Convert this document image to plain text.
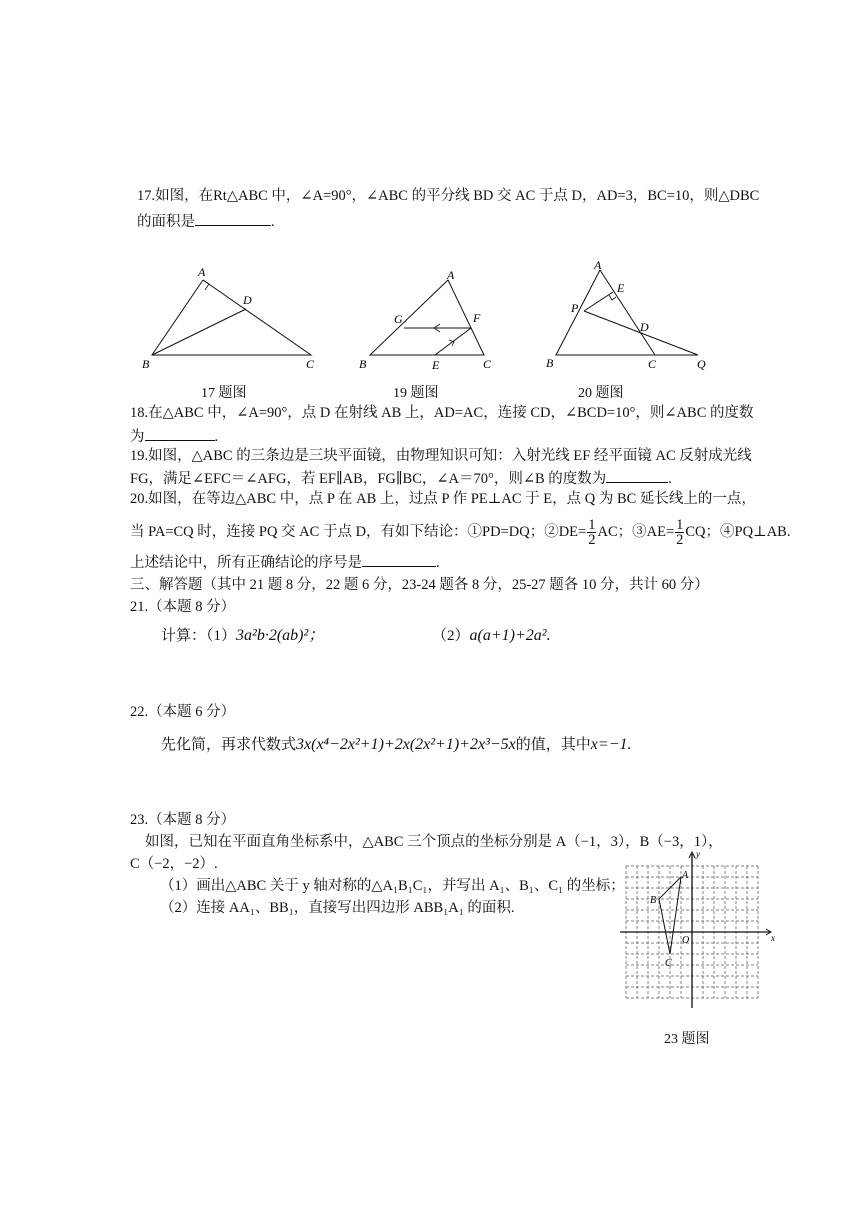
17.如图，在Rt△ABC 中，∠A=90°，∠ABC 的平分线 BD 交 AC 于点 D，AD=3，BC=10，则△DBC
的面积是	.
A
B	C
D
17 题图
A
B	C
G	F
E
19 题图
A
B	C
P
E
D
Q
20 题图
18.在△ABC 中，∠A=90°，点 D 在射线 AB 上，AD=AC，连接 CD，∠BCD=10°，则∠ABC 的度数
为	.
19.如图，△ABC 的三条边是三块平面镜，由物理知识可知：入射光线 EF 经平面镜 AC 反射成光线
FG，满足∠EFC＝∠AFG，若 EF∥AB，FG∥BC，∠A＝70°，则∠B 的度数为	.
20.如图，在等边△ABC 中，点 P 在 AB 上，过点 P 作 PE⊥AC 于 E，点 Q 为 BC 延长线上的一点，
当 PA=CQ 时，连接 PQ 交 AC 于点 D，有如下结论：①PD=DQ；②DE= $\frac{1}{2}$ AC；③AE= $\frac{1}{2}$ CQ；④PQ⊥AB.
上述结论中，所有正确结论的序号是	.
三、解答题（其中 21 题 8 分，22 题 6 分，23-24 题各 8 分，25-27 题各 10 分，共计 60 分）
21.（本题 8 分）
计算：（1）3a²b·2(ab)²；	（2）a(a+1)+2a².
22.（本题 6 分）
先化简，再求代数式3x(x⁴−2x²+1)+2x(2x²+1)+2x³−5x的值，其中x=−1.
23.（本题 8 分）
如图，已知在平面直角坐标系中，△ABC 三个顶点的坐标分别是 A（−1，3），B（−3，1），
C（−2，−2）.
（1）画出△ABC 关于 y 轴对称的△A₁B₁C₁，并写出 A₁、B₁、C₁ 的坐标；
（2）连接 AA₁、BB₁，直接写出四边形 ABB₁A₁ 的面积.
A
B
C
O	x
y
23 题图
